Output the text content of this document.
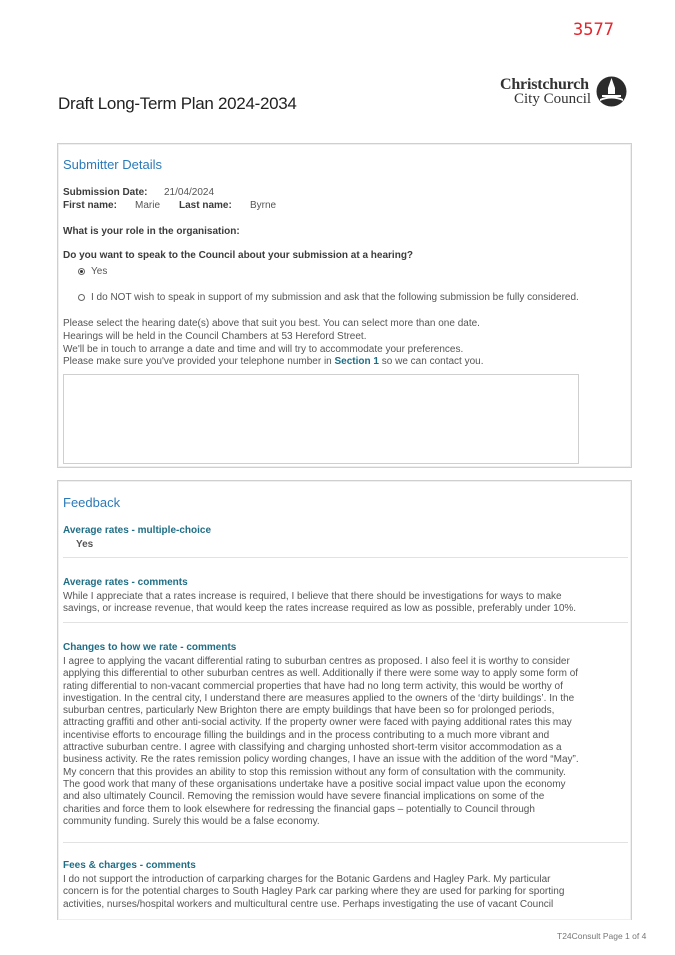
3577
Christchurch
City Council
Draft Long-Term Plan 2024-2034
Submitter Details
Submission Date: 21/04/2024
First name: Marie Last name: Byrne
What is your role in the organisation:
Do you want to speak to the Council about your submission at a hearing?
Yes
I do NOT wish to speak in support of my submission and ask that the following submission be fully considered.
Please select the hearing date(s) above that suit you best. You can select more than one date.
Hearings will be held in the Council Chambers at 53 Hereford Street.
We'll be in touch to arrange a date and time and will try to accommodate your preferences.
Please make sure you've provided your telephone number in Section 1 so we can contact you.
Feedback
Average rates - multiple-choice
Yes
Average rates - comments
While I appreciate that a rates increase is required, I believe that there should be investigations for ways to make savings, or increase revenue, that would keep the rates increase required as low as possible, preferably under 10%.
Changes to how we rate - comments
I agree to applying the vacant differential rating to suburban centres as proposed. I also feel it is worthy to consider applying this differential to other suburban centres as well. Additionally if there were some way to apply some form of rating differential to non-vacant commercial properties that have had no long term activity, this would be worthy of investigation. In the central city, I understand there are measures applied to the owners of the ‘dirty buildings’. In the suburban centres, particularly New Brighton there are empty buildings that have been so for prolonged periods, attracting graffiti and other anti-social activity. If the property owner were faced with paying additional rates this may incentivise efforts to encourage filling the buildings and in the process contributing to a much more vibrant and attractive suburban centre. I agree with classifying and charging unhosted short-term visitor accommodation as a business activity. Re the rates remission policy wording changes, I have an issue with the addition of the word “May”. My concern that this provides an ability to stop this remission without any form of consultation with the community. The good work that many of these organisations undertake have a positive social impact value upon the economy and also ultimately Council. Removing the remission would have severe financial implications on some of the charities and force them to look elsewhere for redressing the financial gaps – potentially to Council through community funding. Surely this would be a false economy.
Fees & charges - comments
I do not support the introduction of carparking charges for the Botanic Gardens and Hagley Park. My particular concern is for the potential charges to South Hagley Park car parking where they are used for parking for sporting activities, nurses/hospital workers and multicultural centre use. Perhaps investigating the use of vacant Council
T24Consult Page 1 of 4
